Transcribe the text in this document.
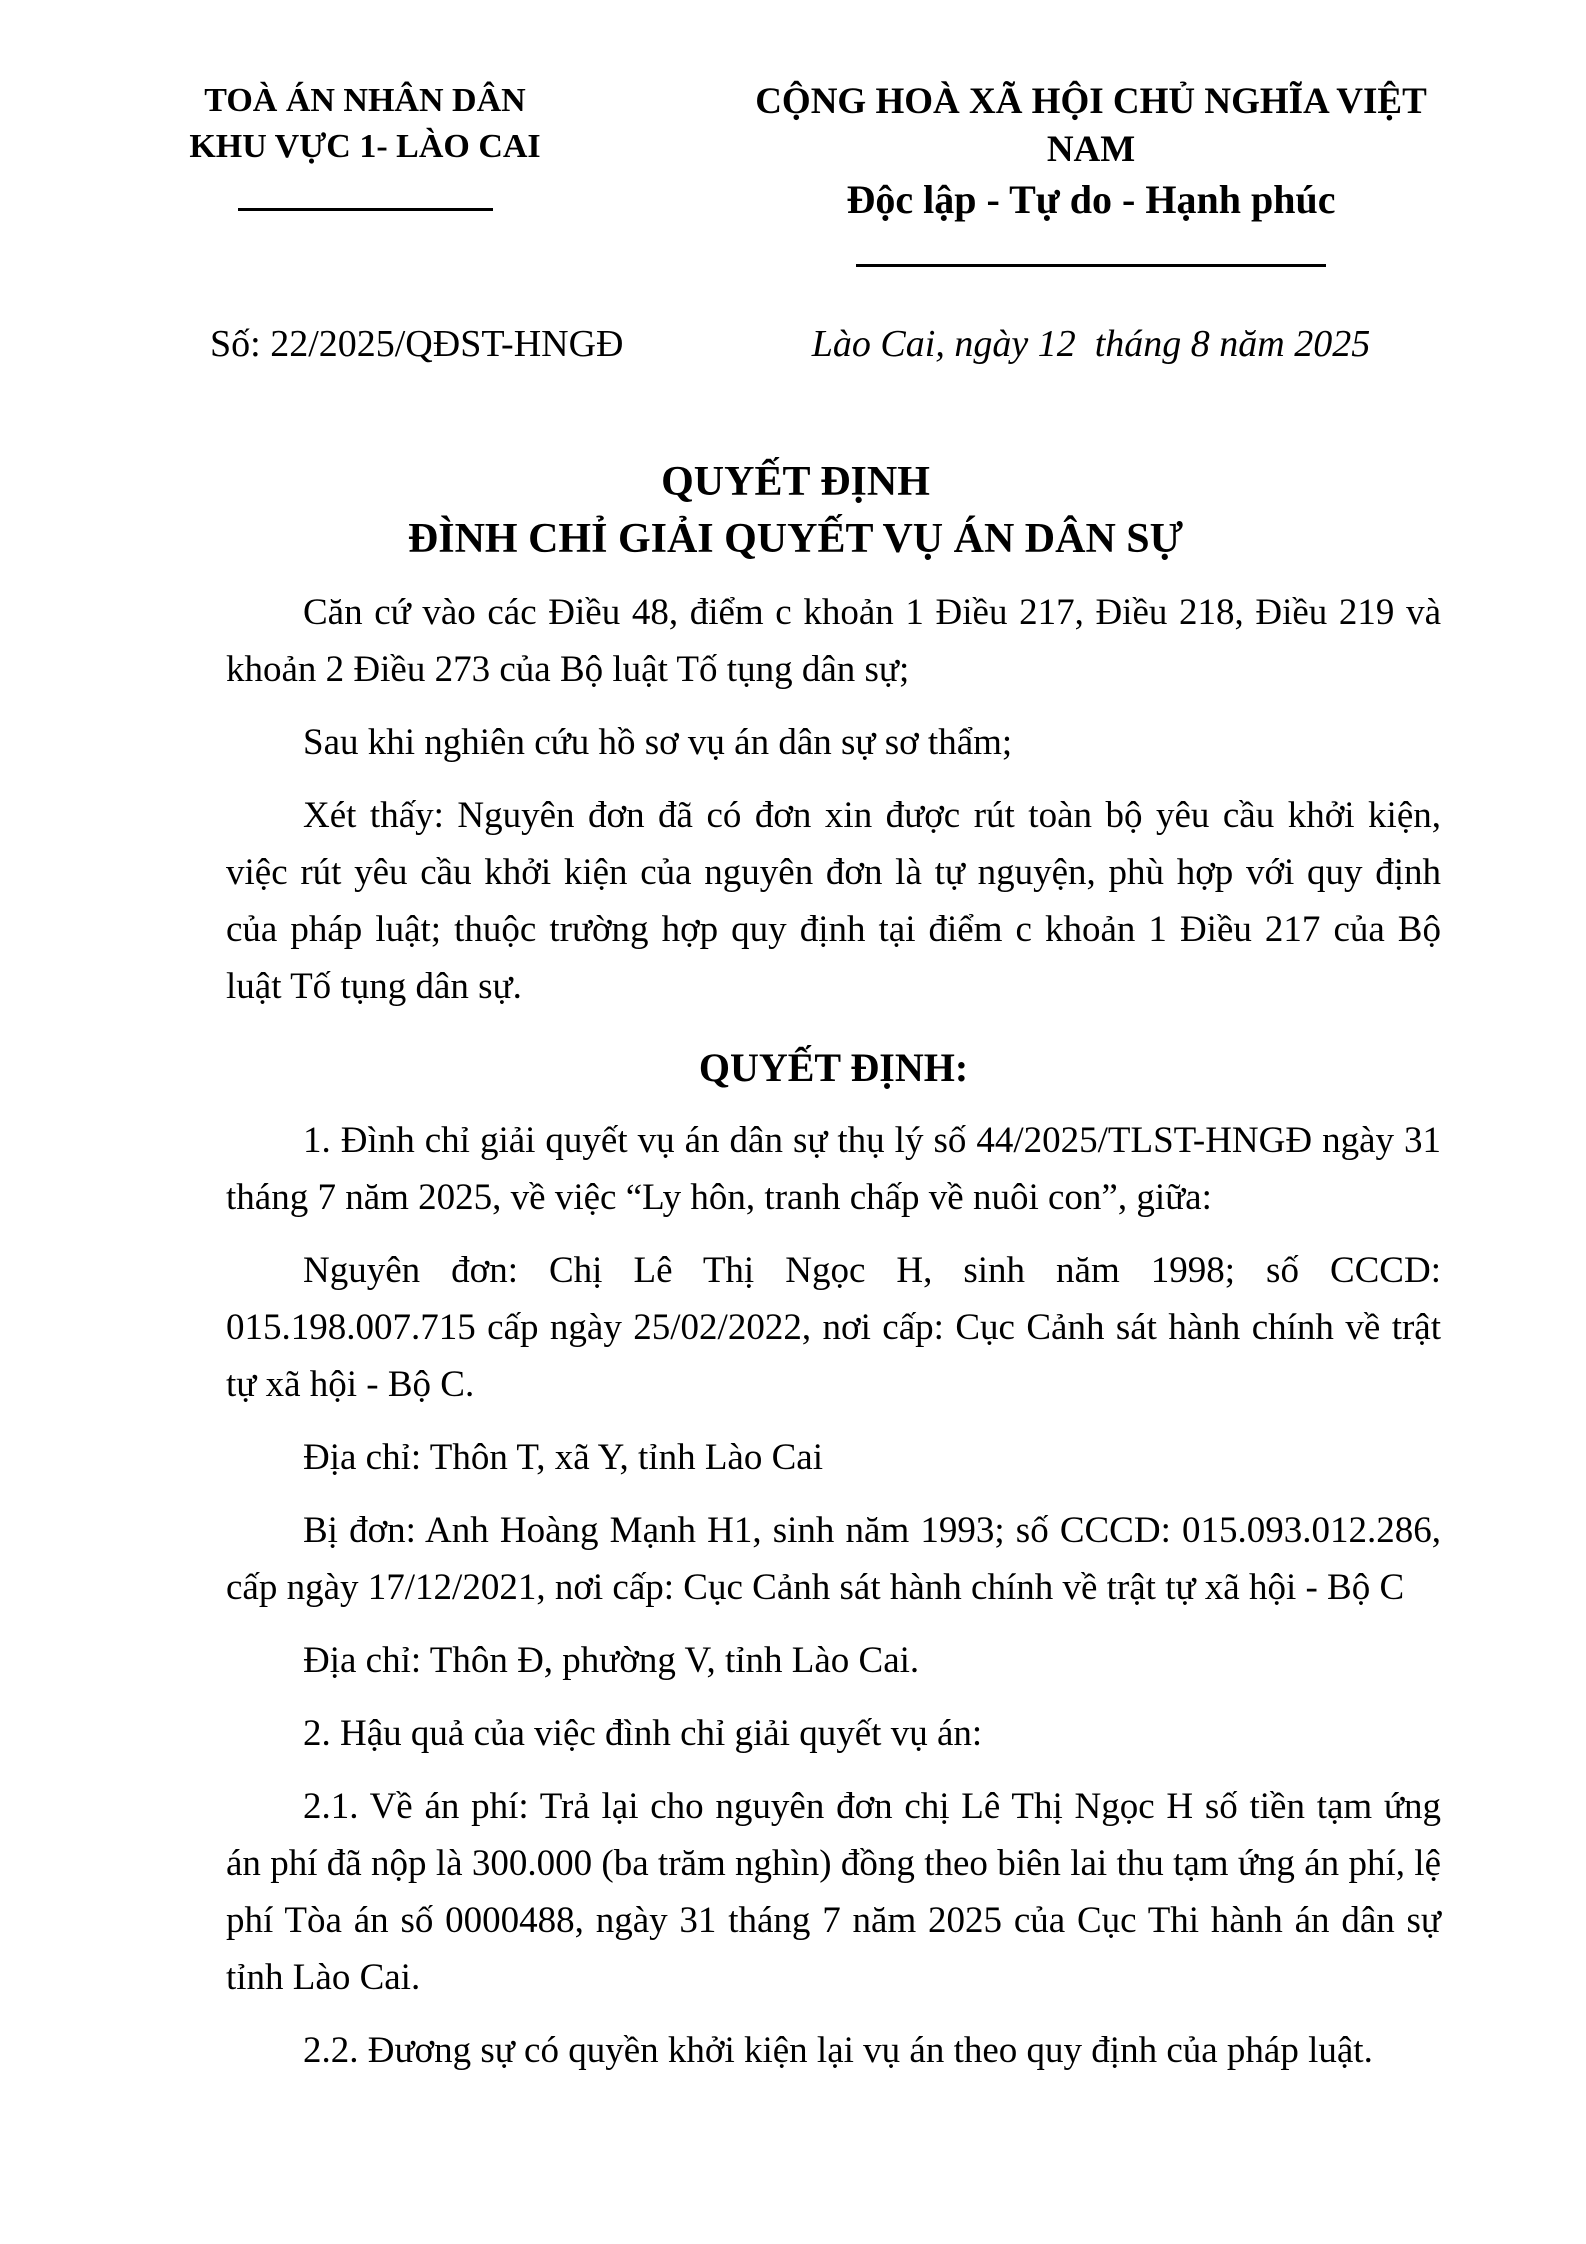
TOÀ ÁN NHÂN DÂN
KHU VỰC 1- LÀO CAI
CỘNG HOÀ XÃ HỘI CHỦ NGHĨA VIỆT NAM
Độc lập - Tự do - Hạnh phúc
Số: 22/2025/QĐST-HNGĐ	Lào Cai, ngày 12  tháng 8 năm 2025
QUYẾT ĐỊNH
ĐÌNH CHỈ GIẢI QUYẾT VỤ ÁN DÂN SỰ

Căn cứ vào các Điều 48, điểm c khoản 1 Điều 217, Điều 218, Điều 219 và khoản 2 Điều 273 của Bộ luật Tố tụng dân sự;

Sau khi nghiên cứu hồ sơ vụ án dân sự sơ thẩm;

Xét thấy: Nguyên đơn đã có đơn xin được rút toàn bộ yêu cầu khởi kiện, việc rút yêu cầu khởi kiện của nguyên đơn là tự nguyện, phù hợp với quy định của pháp luật; thuộc trường hợp quy định tại điểm c khoản 1 Điều 217 của Bộ luật Tố tụng dân sự.

QUYẾT ĐỊNH:

1. Đình chỉ giải quyết vụ án dân sự thụ lý số 44/2025/TLST-HNGĐ ngày 31 tháng 7 năm 2025, về việc “Ly hôn, tranh chấp về nuôi con”, giữa:

Nguyên đơn: Chị Lê Thị Ngọc H, sinh năm 1998; số CCCD: 015.198.007.715 cấp ngày 25/02/2022, nơi cấp: Cục Cảnh sát hành chính về trật tự xã hội - Bộ C.

Địa chỉ: Thôn T, xã Y, tỉnh Lào Cai

Bị đơn: Anh Hoàng Mạnh H1, sinh năm 1993; số CCCD: 015.093.012.286, cấp ngày 17/12/2021, nơi cấp: Cục Cảnh sát hành chính về trật tự xã hội - Bộ C

Địa chỉ: Thôn Đ, phường V, tỉnh Lào Cai.

2. Hậu quả của việc đình chỉ giải quyết vụ án:

2.1. Về án phí: Trả lại cho nguyên đơn chị Lê Thị Ngọc H số tiền tạm ứng án phí đã nộp là 300.000 (ba trăm nghìn) đồng theo biên lai thu tạm ứng án phí, lệ phí Tòa án số 0000488, ngày 31 tháng 7 năm 2025 của Cục Thi hành án dân sự tỉnh Lào Cai.

2.2. Đương sự có quyền khởi kiện lại vụ án theo quy định của pháp luật.
